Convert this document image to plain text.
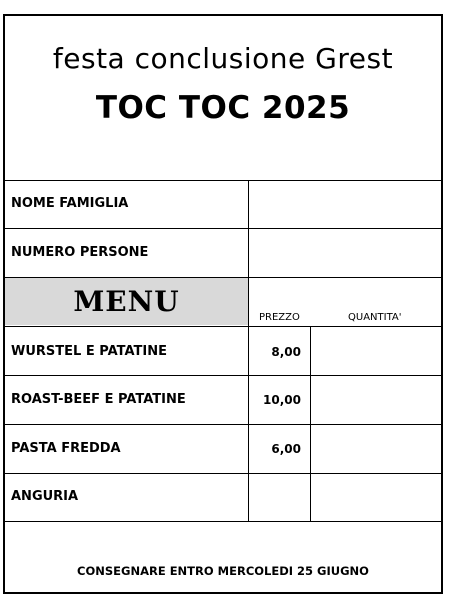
festa conclusione Grest
TOC TOC 2025
NOME FAMIGLIA
NUMERO PERSONE
MENU	PREZZO	QUANTITA'
WURSTEL E PATATINE	8,00
ROAST-BEEF E PATATINE	10,00
PASTA FREDDA	6,00
ANGURIA
CONSEGNARE ENTRO MERCOLEDI 25 GIUGNO
